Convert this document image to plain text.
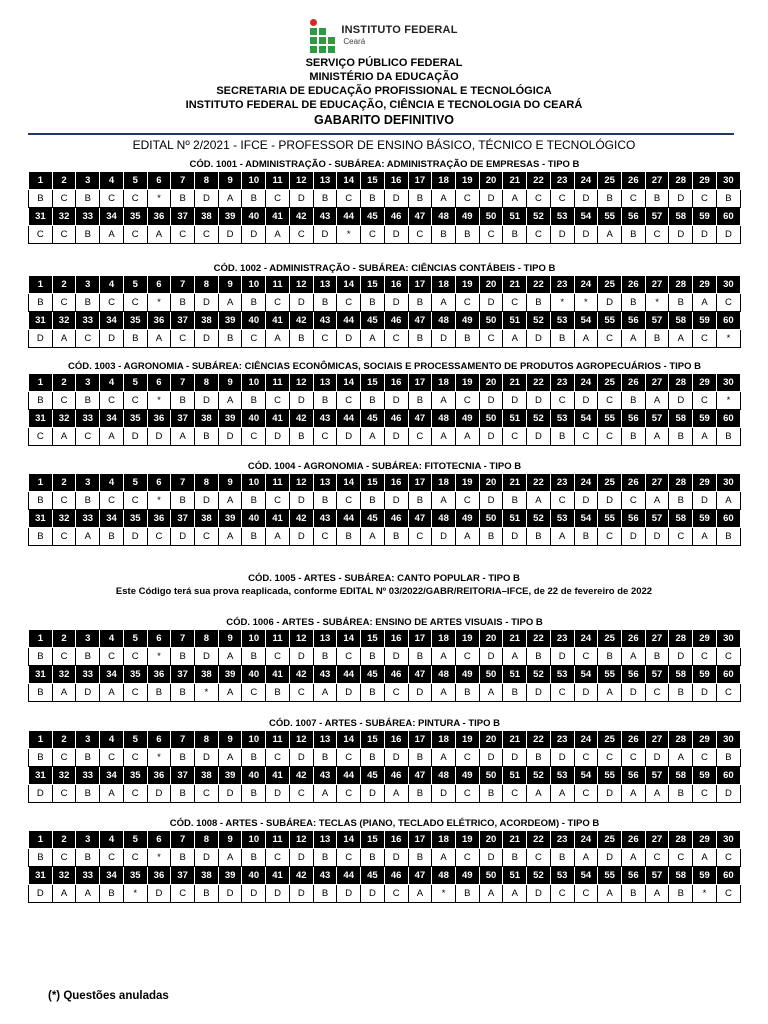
INSTITUTO FEDERAL
Ceará
SERVIÇO PÚBLICO FEDERAL
MINISTÉRIO DA EDUCAÇÃO
SECRETARIA DE EDUCAÇÃO PROFISSIONAL E TECNOLÓGICA
INSTITUTO FEDERAL DE EDUCAÇÃO, CIÊNCIA E TECNOLOGIA DO CEARÁ
GABARITO DEFINITIVO
EDITAL Nº 2/2021 - IFCE - PROFESSOR DE ENSINO BÁSICO, TÉCNICO E TECNOLÓGICO
CÓD. 1001 - ADMINISTRAÇÃO - SUBÁREA: ADMINISTRAÇÃO DE EMPRESAS - TIPO B
1	2	3	4	5	6	7	8	9	10	11	12	13	14	15	16	17	18	19	20	21	22	23	24	25	26	27	28	29	30
B	C	B	C	C	*	B	D	A	B	C	D	B	C	B	D	B	A	C	D	A	C	C	D	B	C	B	D	C	B
31	32	33	34	35	36	37	38	39	40	41	42	43	44	45	46	47	48	49	50	51	52	53	54	55	56	57	58	59	60
C	C	B	A	C	A	C	C	D	D	A	C	D	*	C	D	C	B	B	C	B	C	D	D	A	B	C	D	D	D
CÓD. 1002 - ADMINISTRAÇÃO - SUBÁREA: CIÊNCIAS CONTÁBEIS - TIPO B
1	2	3	4	5	6	7	8	9	10	11	12	13	14	15	16	17	18	19	20	21	22	23	24	25	26	27	28	29	30
B	C	B	C	C	*	B	D	A	B	C	D	B	C	B	D	B	A	C	D	C	B	*	*	D	B	*	B	A	C
31	32	33	34	35	36	37	38	39	40	41	42	43	44	45	46	47	48	49	50	51	52	53	54	55	56	57	58	59	60
D	A	C	D	B	A	C	D	B	C	A	B	C	D	A	C	B	D	B	C	A	D	B	A	C	A	B	A	C	*
CÓD. 1003 - AGRONOMIA - SUBÁREA: CIÊNCIAS ECONÔMICAS, SOCIAIS E PROCESSAMENTO DE PRODUTOS AGROPECUÁRIOS - TIPO B
1	2	3	4	5	6	7	8	9	10	11	12	13	14	15	16	17	18	19	20	21	22	23	24	25	26	27	28	29	30
B	C	B	C	C	*	B	D	A	B	C	D	B	C	B	D	B	A	C	D	D	D	C	D	C	B	A	D	C	*
31	32	33	34	35	36	37	38	39	40	41	42	43	44	45	46	47	48	49	50	51	52	53	54	55	56	57	58	59	60
C	A	C	A	D	D	A	B	D	C	D	B	C	D	A	D	C	A	A	D	C	D	B	C	C	B	A	B	A	B
CÓD. 1004 - AGRONOMIA - SUBÁREA: FITOTECNIA - TIPO B
1	2	3	4	5	6	7	8	9	10	11	12	13	14	15	16	17	18	19	20	21	22	23	24	25	26	27	28	29	30
B	C	B	C	C	*	B	D	A	B	C	D	B	C	B	D	B	A	C	D	B	A	C	D	D	C	A	B	D	A
31	32	33	34	35	36	37	38	39	40	41	42	43	44	45	46	47	48	49	50	51	52	53	54	55	56	57	58	59	60
B	C	A	B	D	C	D	C	A	B	A	D	C	B	A	B	C	D	A	B	D	B	A	B	C	D	D	C	A	B
CÓD. 1005 - ARTES - SUBÁREA: CANTO POPULAR - TIPO B
Este Código terá sua prova reaplicada, conforme EDITAL Nº 03/2022/GABR/REITORIA–IFCE, de 22 de fevereiro de 2022
CÓD. 1006 - ARTES - SUBÁREA: ENSINO DE ARTES VISUAIS - TIPO B
1	2	3	4	5	6	7	8	9	10	11	12	13	14	15	16	17	18	19	20	21	22	23	24	25	26	27	28	29	30
B	C	B	C	C	*	B	D	A	B	C	D	B	C	B	D	B	A	C	D	A	B	D	C	B	A	B	D	C	C
31	32	33	34	35	36	37	38	39	40	41	42	43	44	45	46	47	48	49	50	51	52	53	54	55	56	57	58	59	60
B	A	D	A	C	B	B	*	A	C	B	C	A	D	B	C	D	A	B	A	B	D	C	D	A	D	C	B	D	C
CÓD. 1007 - ARTES - SUBÁREA: PINTURA - TIPO B
1	2	3	4	5	6	7	8	9	10	11	12	13	14	15	16	17	18	19	20	21	22	23	24	25	26	27	28	29	30
B	C	B	C	C	*	B	D	A	B	C	D	B	C	B	D	B	A	C	D	D	B	D	C	C	C	D	A	C	B
31	32	33	34	35	36	37	38	39	40	41	42	43	44	45	46	47	48	49	50	51	52	53	54	55	56	57	58	59	60
D	C	B	A	C	D	B	C	D	B	D	C	A	C	D	A	B	D	C	B	C	A	A	C	D	A	A	B	C	D
CÓD. 1008 - ARTES - SUBÁREA: TECLAS (PIANO, TECLADO ELÉTRICO, ACORDEOM) - TIPO B
1	2	3	4	5	6	7	8	9	10	11	12	13	14	15	16	17	18	19	20	21	22	23	24	25	26	27	28	29	30
B	C	B	C	C	*	B	D	A	B	C	D	B	C	B	D	B	A	C	D	B	C	B	A	D	A	C	C	A	C
31	32	33	34	35	36	37	38	39	40	41	42	43	44	45	46	47	48	49	50	51	52	53	54	55	56	57	58	59	60
D	A	A	B	*	D	C	B	D	D	D	D	B	D	D	C	A	*	B	A	A	D	C	C	A	B	A	B	*	C
(*) Questões anuladas
